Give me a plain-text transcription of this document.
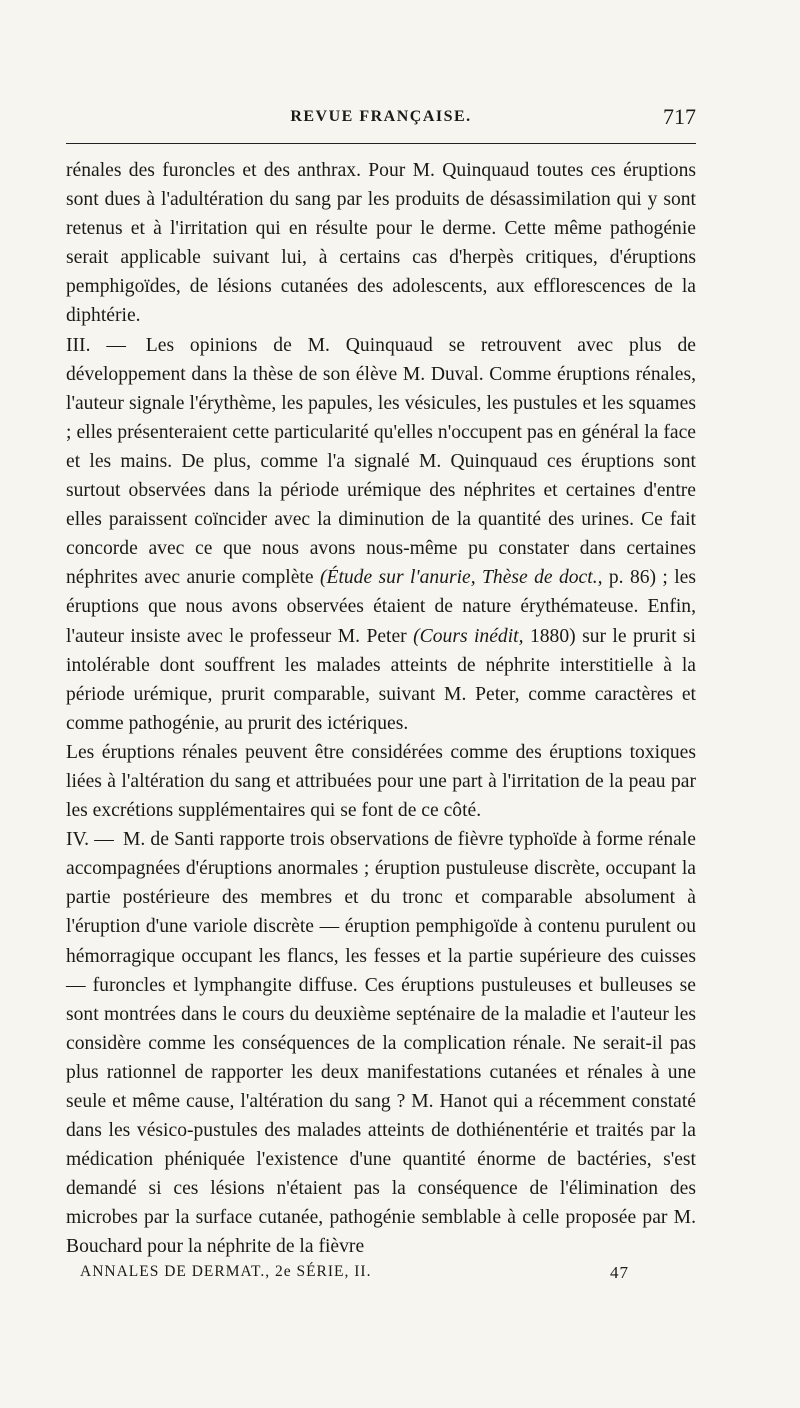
REVUE FRANÇAISE.	717

rénales des furoncles et des anthrax. Pour M. Quinquaud toutes ces éruptions sont dues à l'adultération du sang par les produits de désassimilation qui y sont retenus et à l'irritation qui en résulte pour le derme. Cette même pathogénie serait applicable suivant lui, à certains cas d'herpès critiques, d'éruptions pemphigoïdes, de lésions cutanées des adolescents, aux efflorescences de la diphtérie.

III. — Les opinions de M. Quinquaud se retrouvent avec plus de développement dans la thèse de son élève M. Duval. Comme éruptions rénales, l'auteur signale l'érythème, les papules, les vésicules, les pustules et les squames ; elles présenteraient cette particularité qu'elles n'occupent pas en général la face et les mains. De plus, comme l'a signalé M. Quinquaud ces éruptions sont surtout observées dans la période urémique des néphrites et certaines d'entre elles paraissent coïncider avec la diminution de la quantité des urines. Ce fait concorde avec ce que nous avons nous-même pu constater dans certaines néphrites avec anurie complète (Étude sur l'anurie, Thèse de doct., p. 86) ; les éruptions que nous avons observées étaient de nature érythémateuse. Enfin, l'auteur insiste avec le professeur M. Peter (Cours inédit, 1880) sur le prurit si intolérable dont souffrent les malades atteints de néphrite interstitielle à la période urémique, prurit comparable, suivant M. Peter, comme caractères et comme pathogénie, au prurit des ictériques.

Les éruptions rénales peuvent être considérées comme des éruptions toxiques liées à l'altération du sang et attribuées pour une part à l'irritation de la peau par les excrétions supplémentaires qui se font de ce côté.

IV. — M. de Santi rapporte trois observations de fièvre typhoïde à forme rénale accompagnées d'éruptions anormales ; éruption pustuleuse discrète, occupant la partie postérieure des membres et du tronc et comparable absolument à l'éruption d'une variole discrète — éruption pemphigoïde à contenu purulent ou hémorragique occupant les flancs, les fesses et la partie supérieure des cuisses — furoncles et lymphangite diffuse. Ces éruptions pustuleuses et bulleuses se sont montrées dans le cours du deuxième septénaire de la maladie et l'auteur les considère comme les conséquences de la complication rénale. Ne serait-il pas plus rationnel de rapporter les deux manifestations cutanées et rénales à une seule et même cause, l'altération du sang ? M. Hanot qui a récemment constaté dans les vésico-pustules des malades atteints de dothiénentérie et traités par la médication phéniquée l'existence d'une quantité énorme de bactéries, s'est demandé si ces lésions n'étaient pas la conséquence de l'élimination des microbes par la surface cutanée, pathogénie semblable à celle proposée par M. Bouchard pour la néphrite de la fièvre

ANNALES DE DERMAT., 2e SÉRIE, II.	47
